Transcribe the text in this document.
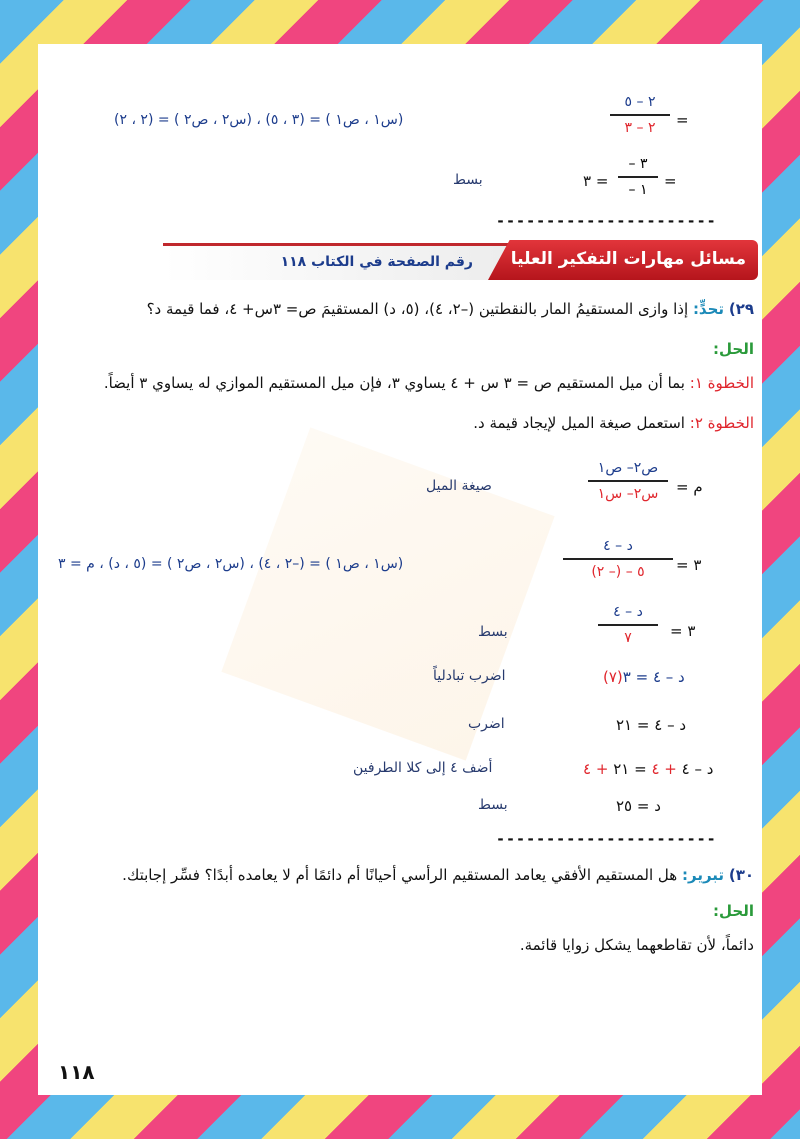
٢ – ٥
٢ – ٣	=
(س١ ، ص١ ) = (٣ ، ٥) ، (س٢ ، ص٢ ) = (٢ ، ٢)
– ٣
– ١	=
= ٣
بسط
----------------------
مسائل مهارات التفكير العليا
رقم الصفحة في الكتاب ١١٨
٢٩) تحدٍّ: إذا وازى المستقيمُ المار بالنقطتين (–٢، ٤)، (٥، د) المستقيمَ ص= ٣س+ ٤، فما قيمة د؟
الحل:
الخطوة ١: بما أن ميل المستقيم ص = ٣ س + ٤ يساوي ٣، فإن ميل المستقيم الموازي له يساوي ٣ أيضاً.
الخطوة ٢: استعمل صيغة الميل لإيجاد قيمة د.
م =
ص٢– ص١
س٢– س١
صيغة الميل
٣ =
د – ٤
٥ – (– ٢)
(س١ ، ص١ ) = (–٢ ، ٤) ، (س٢ ، ص٢ ) = (٥ ، د) ، م = ٣
٣ =
د – ٤
٧
بسط
د – ٤ = ٣(٧)
اضرب تبادلياً
د – ٤ = ٢١
اضرب
د – ٤ + ٤ = ٢١ + ٤
أضف ٤ إلى كلا الطرفين
د = ٢٥
بسط
----------------------
٣٠) تبرير: هل المستقيم الأفقي يعامد المستقيم الرأسي أحيانًا أم دائمًا أم لا يعامده أبدًا؟ فسِّر إجابتك.
الحل:
دائماً، لأن تقاطعهما يشكل زوايا قائمة.
١١٨
